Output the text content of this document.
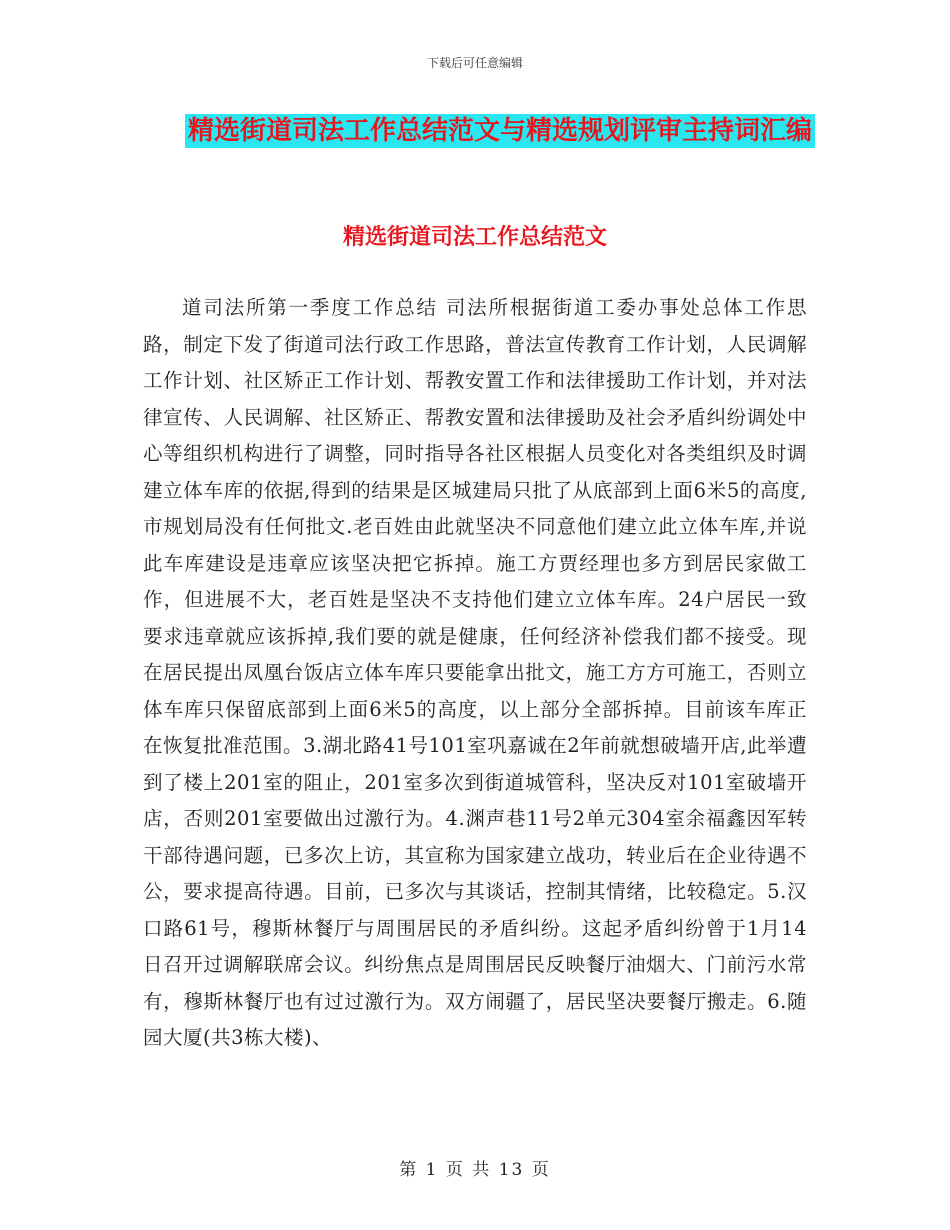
下载后可任意编辑
精选街道司法工作总结范文与精选规划评审主持词汇编
精选街道司法工作总结范文

道司法所第一季度工作总结 司法所根据街道工委办事处总体工作思路，制定下发了街道司法行政工作思路，普法宣传教育工作计划，人民调解工作计划、社区矫正工作计划、帮教安置工作和法律援助工作计划，并对法律宣传、人民调解、社区矫正、帮教安置和法律援助及社会矛盾纠纷调处中心等组织机构进行了调整，同时指导各社区根据人员变化对各类组织及时调建立体车库的依据,得到的结果是区城建局只批了从底部到上面6米5的高度,市规划局没有任何批文.老百姓由此就坚决不同意他们建立此立体车库,并说此车库建设是违章应该坚决把它拆掉。施工方贾经理也多方到居民家做工作，但进展不大，老百姓是坚决不支持他们建立立体车库。24户居民一致要求违章就应该拆掉,我们要的就是健康，任何经济补偿我们都不接受。现在居民提出凤凰台饭店立体车库只要能拿出批文，施工方方可施工，否则立体车库只保留底部到上面6米5的高度，以上部分全部拆掉。目前该车库正在恢复批准范围。3.湖北路41号101室巩嘉诚在2年前就想破墙开店,此举遭到了楼上201室的阻止，201室多次到街道城管科，坚决反对101室破墙开店，否则201室要做出过激行为。4.渊声巷11号2单元304室余福鑫因军转干部待遇问题，已多次上访，其宣称为国家建立战功，转业后在企业待遇不公，要求提高待遇。目前，已多次与其谈话，控制其情绪，比较稳定。5.汉口路61号，穆斯林餐厅与周围居民的矛盾纠纷。这起矛盾纠纷曾于1月14日召开过调解联席会议。纠纷焦点是周围居民反映餐厅油烟大、门前污水常有，穆斯林餐厅也有过过激行为。双方闹疆了，居民坚决要餐厅搬走。6.随园大厦(共3栋大楼)、

第 1 页 共 13 页
